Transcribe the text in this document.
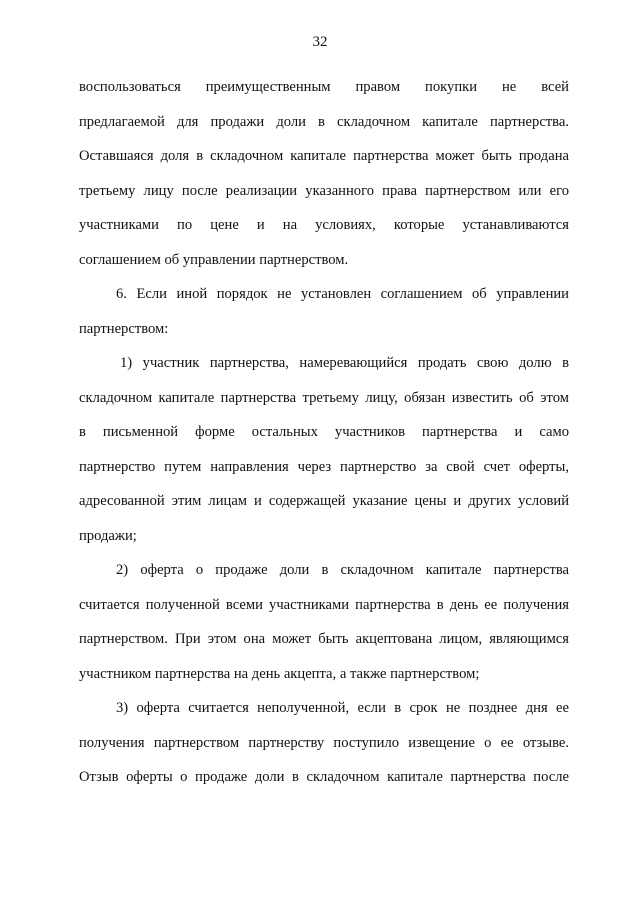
32
воспользоваться преимущественным правом покупки не всей
предлагаемой для продажи доли в складочном капитале партнерства.
Оставшаяся доля в складочном капитале партнерства может быть продана
третьему лицу после реализации указанного права партнерством или его
участниками по цене и на условиях, которые устанавливаются
соглашением об управлении партнерством.
6. Если иной порядок не установлен соглашением об управлении
партнерством:
1) участник партнерства, намеревающийся продать свою долю в
складочном капитале партнерства третьему лицу, обязан известить об этом
в письменной форме остальных участников партнерства и само
партнерство путем направления через партнерство за свой счет оферты,
адресованной этим лицам и содержащей указание цены и других условий
продажи;
2) оферта о продаже доли в складочном капитале партнерства
считается полученной всеми участниками партнерства в день ее получения
партнерством. При этом она может быть акцептована лицом, являющимся
участником партнерства на день акцепта, а также партнерством;
3) оферта считается неполученной, если в срок не позднее дня ее
получения партнерством партнерству поступило извещение о ее отзыве.
Отзыв оферты о продаже доли в складочном капитале партнерства после
